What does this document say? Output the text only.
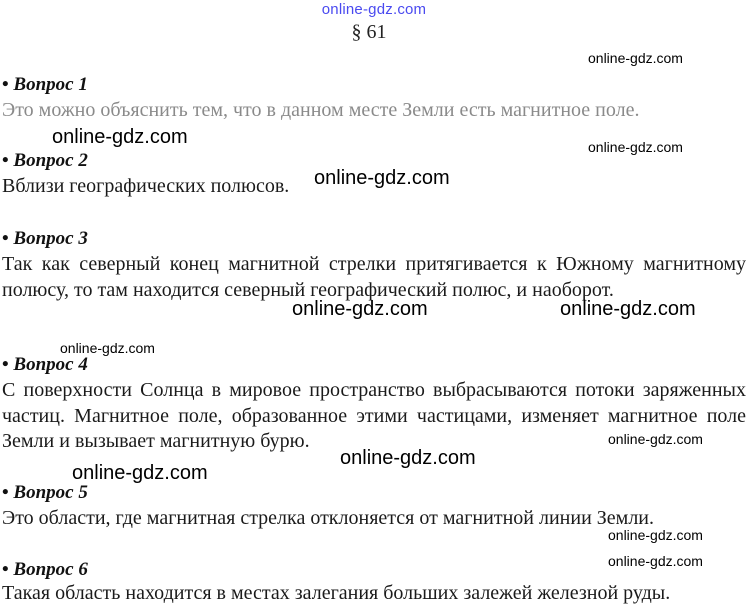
online-gdz.com
§ 61
• Вопрос 1
Это можно объяснить тем, что в данном месте Земли есть магнитное поле.
• Вопрос 2
Вблизи географических полюсов.
• Вопрос 3
Так как северный конец магнитной стрелки притягивается к Южному магнитному полюсу, то там находится северный географический полюс, и наоборот.
• Вопрос 4
С поверхности Солнца в мировое пространство выбрасываются потоки заряженных частиц. Магнитное поле, образованное этими частицами, изменяет магнитное поле Земли и вызывает магнитную бурю.
• Вопрос 5
Это области, где магнитная стрелка отклоняется от магнитной линии Земли.
• Вопрос 6
Такая область находится в местах залегания больших залежей железной руды.
online-gdz.com
online-gdz.com	online-gdz.com
online-gdz.com
online-gdz.com	online-gdz.com
online-gdz.com
online-gdz.com
online-gdz.com
online-gdz.com
online-gdz.com
online-gdz.com
